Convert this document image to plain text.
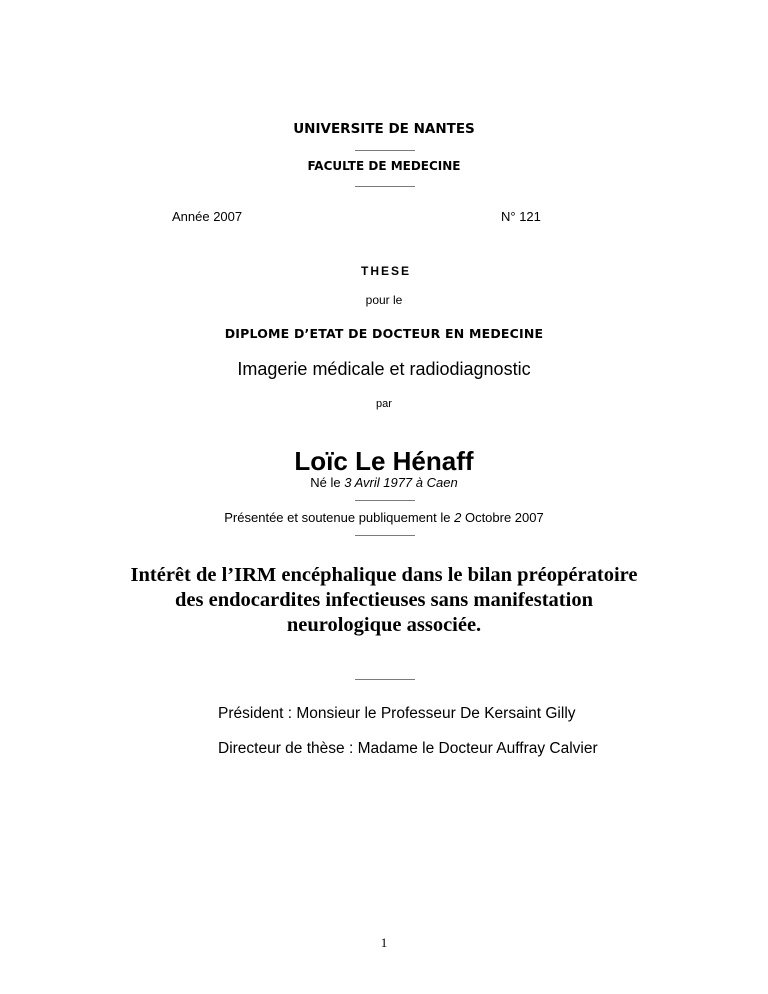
UNIVERSITE DE NANTES
FACULTE DE MEDECINE
Année 2007	N° 121
THESE
pour le
DIPLOME D’ETAT DE DOCTEUR EN MEDECINE
Imagerie médicale et radiodiagnostic
par
Loïc Le Hénaff
Né le 3 Avril 1977 à Caen
Présentée et soutenue publiquement le 2 Octobre 2007
Intérêt de l’IRM encéphalique dans le bilan préopératoire
des endocardites infectieuses sans manifestation
neurologique associée.
Président : Monsieur le Professeur De Kersaint Gilly
Directeur de thèse : Madame le Docteur Auffray Calvier
1
